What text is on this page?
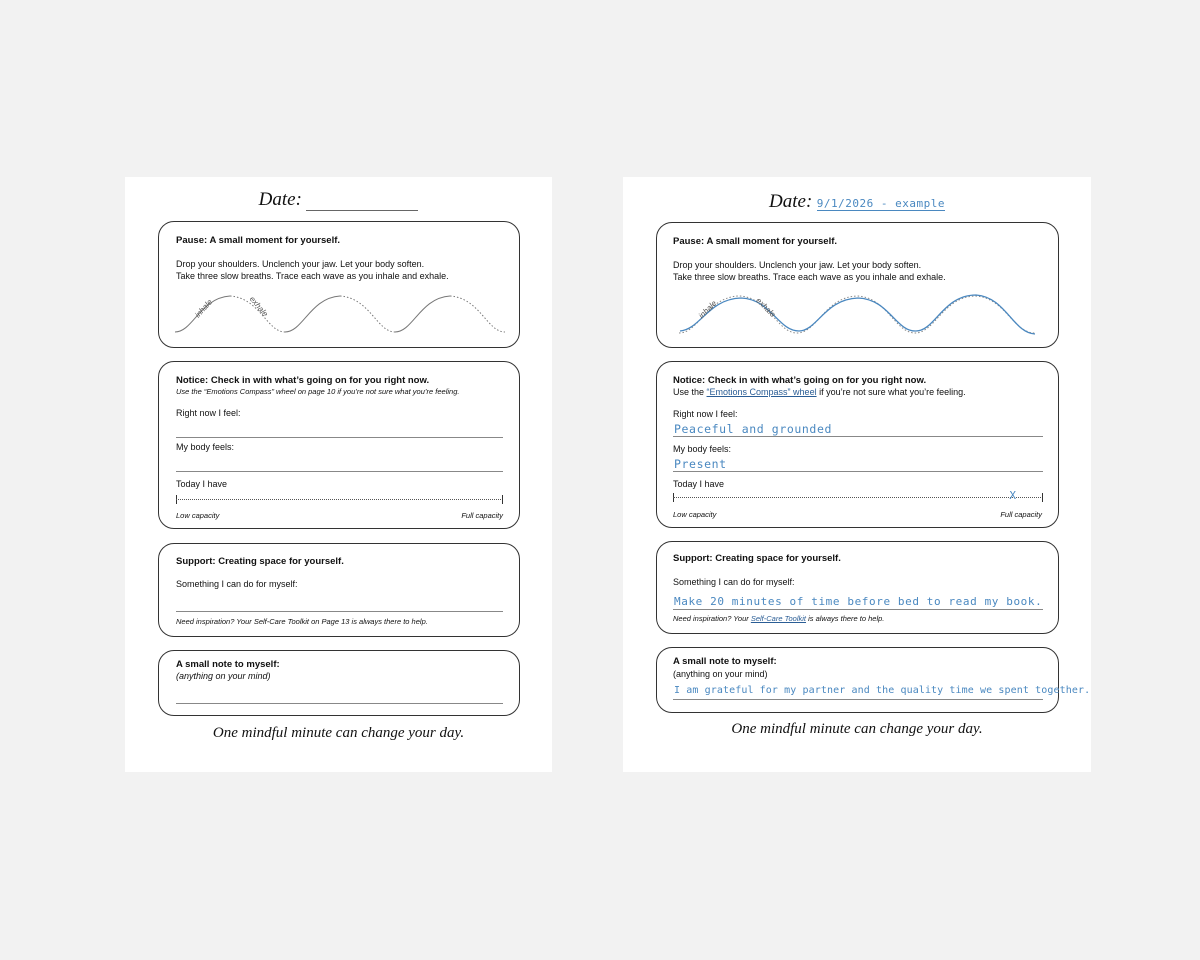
Date:
Pause: A small moment for yourself.
Drop your shoulders. Unclench your jaw. Let your body soften.
Take three slow breaths. Trace each wave as you inhale and exhale.
inhale	exhale
Notice: Check in with what’s going on for you right now.
Use the “Emotions Compass” wheel on page 10 if you’re not sure what you’re feeling.
Right now I feel:
My body feels:
Today I have
Low capacity	Full capacity
Support: Creating space for yourself.
Something I can do for myself:
Need inspiration? Your Self-Care Toolkit on Page 13 is always there to help.
A small note to myself:
(anything on your mind)
One mindful minute can change your day.
Date: 9/1/2026 - example
Pause: A small moment for yourself.
Drop your shoulders. Unclench your jaw. Let your body soften.
Take three slow breaths. Trace each wave as you inhale and exhale.
inhale	exhale
Notice: Check in with what’s going on for you right now.
Use the “Emotions Compass” wheel if you’re not sure what you’re feeling.
Right now I feel:
Peaceful and grounded
My body feels:
Present
Today I have
X
Low capacity	Full capacity
Support: Creating space for yourself.
Something I can do for myself:
Make 20 minutes of time before bed to read my book.
Need inspiration? Your Self-Care Toolkit is always there to help.
A small note to myself:
(anything on your mind)
I am grateful for my partner and the quality time we spent together.
One mindful minute can change your day.
